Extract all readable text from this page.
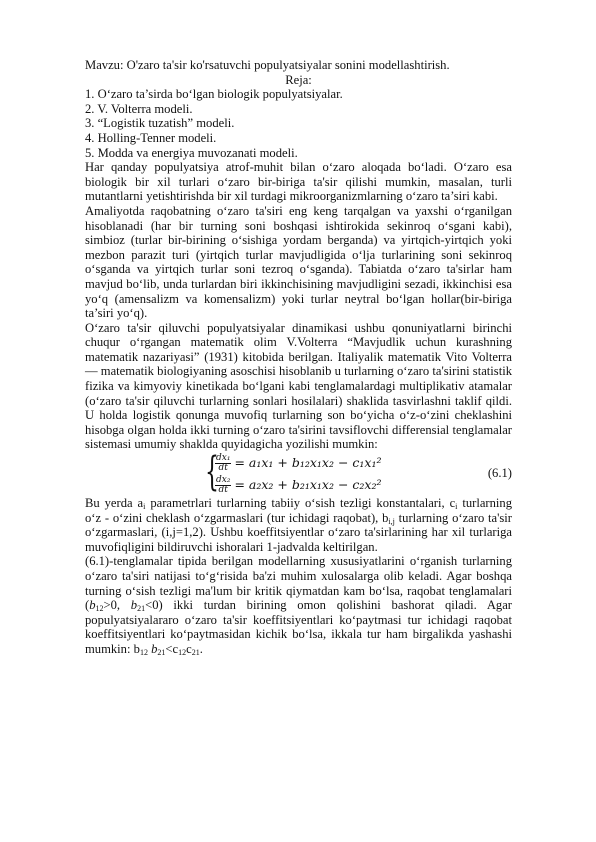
Mavzu: O'zaro ta'sir ko'rsatuvchi populyatsiyalar sonini modellashtirish.

Reja:

1. O‘zaro ta’sirda bo‘lgan biologik populyatsiyalar.

2. V. Volterra modeli.

3. “Logistik tuzatish” modeli.

4. Holling-Tenner modeli.

5. Modda va energiya muvozanati modeli.

Har qanday populyatsiya atrof-muhit bilan o‘zaro aloqada bo‘ladi. O‘zaro esa biologik bir xil turlari o‘zaro bir-biriga ta'sir qilishi mumkin, masalan, turli mutantlarni yetishtirishda bir xil turdagi mikroorganizmlarning o‘zaro ta’siri kabi.

Amaliyotda raqobatning o‘zaro ta'siri eng keng tarqalgan va yaxshi o‘rganilgan hisoblanadi (har bir turning soni boshqasi ishtirokida sekinroq o‘sgani kabi), simbioz (turlar bir-birining o‘sishiga yordam berganda) va yirtqich-yirtqich yoki mezbon parazit turi (yirtqich turlar mavjudligida o‘lja turlarining soni sekinroq o‘sganda va yirtqich turlar soni tezroq o‘sganda). Tabiatda o‘zaro ta'sirlar ham mavjud bo‘lib, unda turlardan biri ikkinchisining mavjudligini sezadi, ikkinchisi esa yo‘q (amensalizm va komensalizm) yoki turlar neytral bo‘lgan hollar(bir-biriga ta’siri yo‘q).

O‘zaro ta'sir qiluvchi populyatsiyalar dinamikasi ushbu qonuniyatlarni birinchi chuqur o‘rgangan matematik olim V.Volterra “Mavjudlik uchun kurashning matematik nazariyasi” (1931) kitobida berilgan. Italiyalik matematik Vito Volterra — matematik biologiyaning asoschisi hisoblanib u turlarning o‘zaro ta'sirini statistik fizika va kimyoviy kinetikada bo‘lgani kabi tenglamalardagi multiplikativ atamalar (o‘zaro ta'sir qiluvchi turlarning sonlari hosilalari) shaklida tasvirlashni taklif qildi. U holda logistik qonunga muvofiq turlarning son bo‘yicha o‘z-o‘zini cheklashini hisobga olgan holda ikki turning o‘zaro ta'sirini tavsiflovchi differensial tenglamalar sistemasi umumiy shaklda quyidagicha yozilishi mumkin:

{
$\frac{\text{dx₁}}{dt} = a_1x_1 + b_{12}x_1x_2 - c_1x_1^2$
$\frac{\text{dx₂}}{dt} = a_2x_2 + b_{21}x_1x_2 - c_2x_2^2$
(6.1)

Bu yerda $a_i$ parametrlari turlarning tabiiy o‘sish tezligi konstantalari, $c_i$ turlarning o‘z - o‘zini cheklash o‘zgarmaslari (tur ichidagi raqobat), $b_{i,j}$ turlarning o‘zaro ta'sir o‘zgarmaslari, (i,j=1,2). Ushbu koeffitsiyentlar o‘zaro ta'sirlarining har xil turlariga muvofiqligini bildiruvchi ishoralari 1-jadvalda keltirilgan.

(6.1)-tenglamalar tipida berilgan modellarning xususiyatlarini o‘rganish turlarning o‘zaro ta'siri natijasi to‘g‘risida ba'zi muhim xulosalarga olib keladi. Agar boshqa turning o‘sish tezligi ma'lum bir kritik qiymatdan kam bo‘lsa, raqobat tenglamalari ($b_{12}>0$, $b_{21}<0$) ikki turdan birining omon qolishini bashorat qiladi. Agar populyatsiyalararo o‘zaro ta'sir koeffitsiyentlari ko‘paytmasi tur ichidagi raqobat koeffitsiyentlari ko‘paytmasidan kichik bo‘lsa, ikkala tur ham birgalikda yashashi mumkin: $b_{12}$ $b_{21}<c_{12}c_{21}$.
